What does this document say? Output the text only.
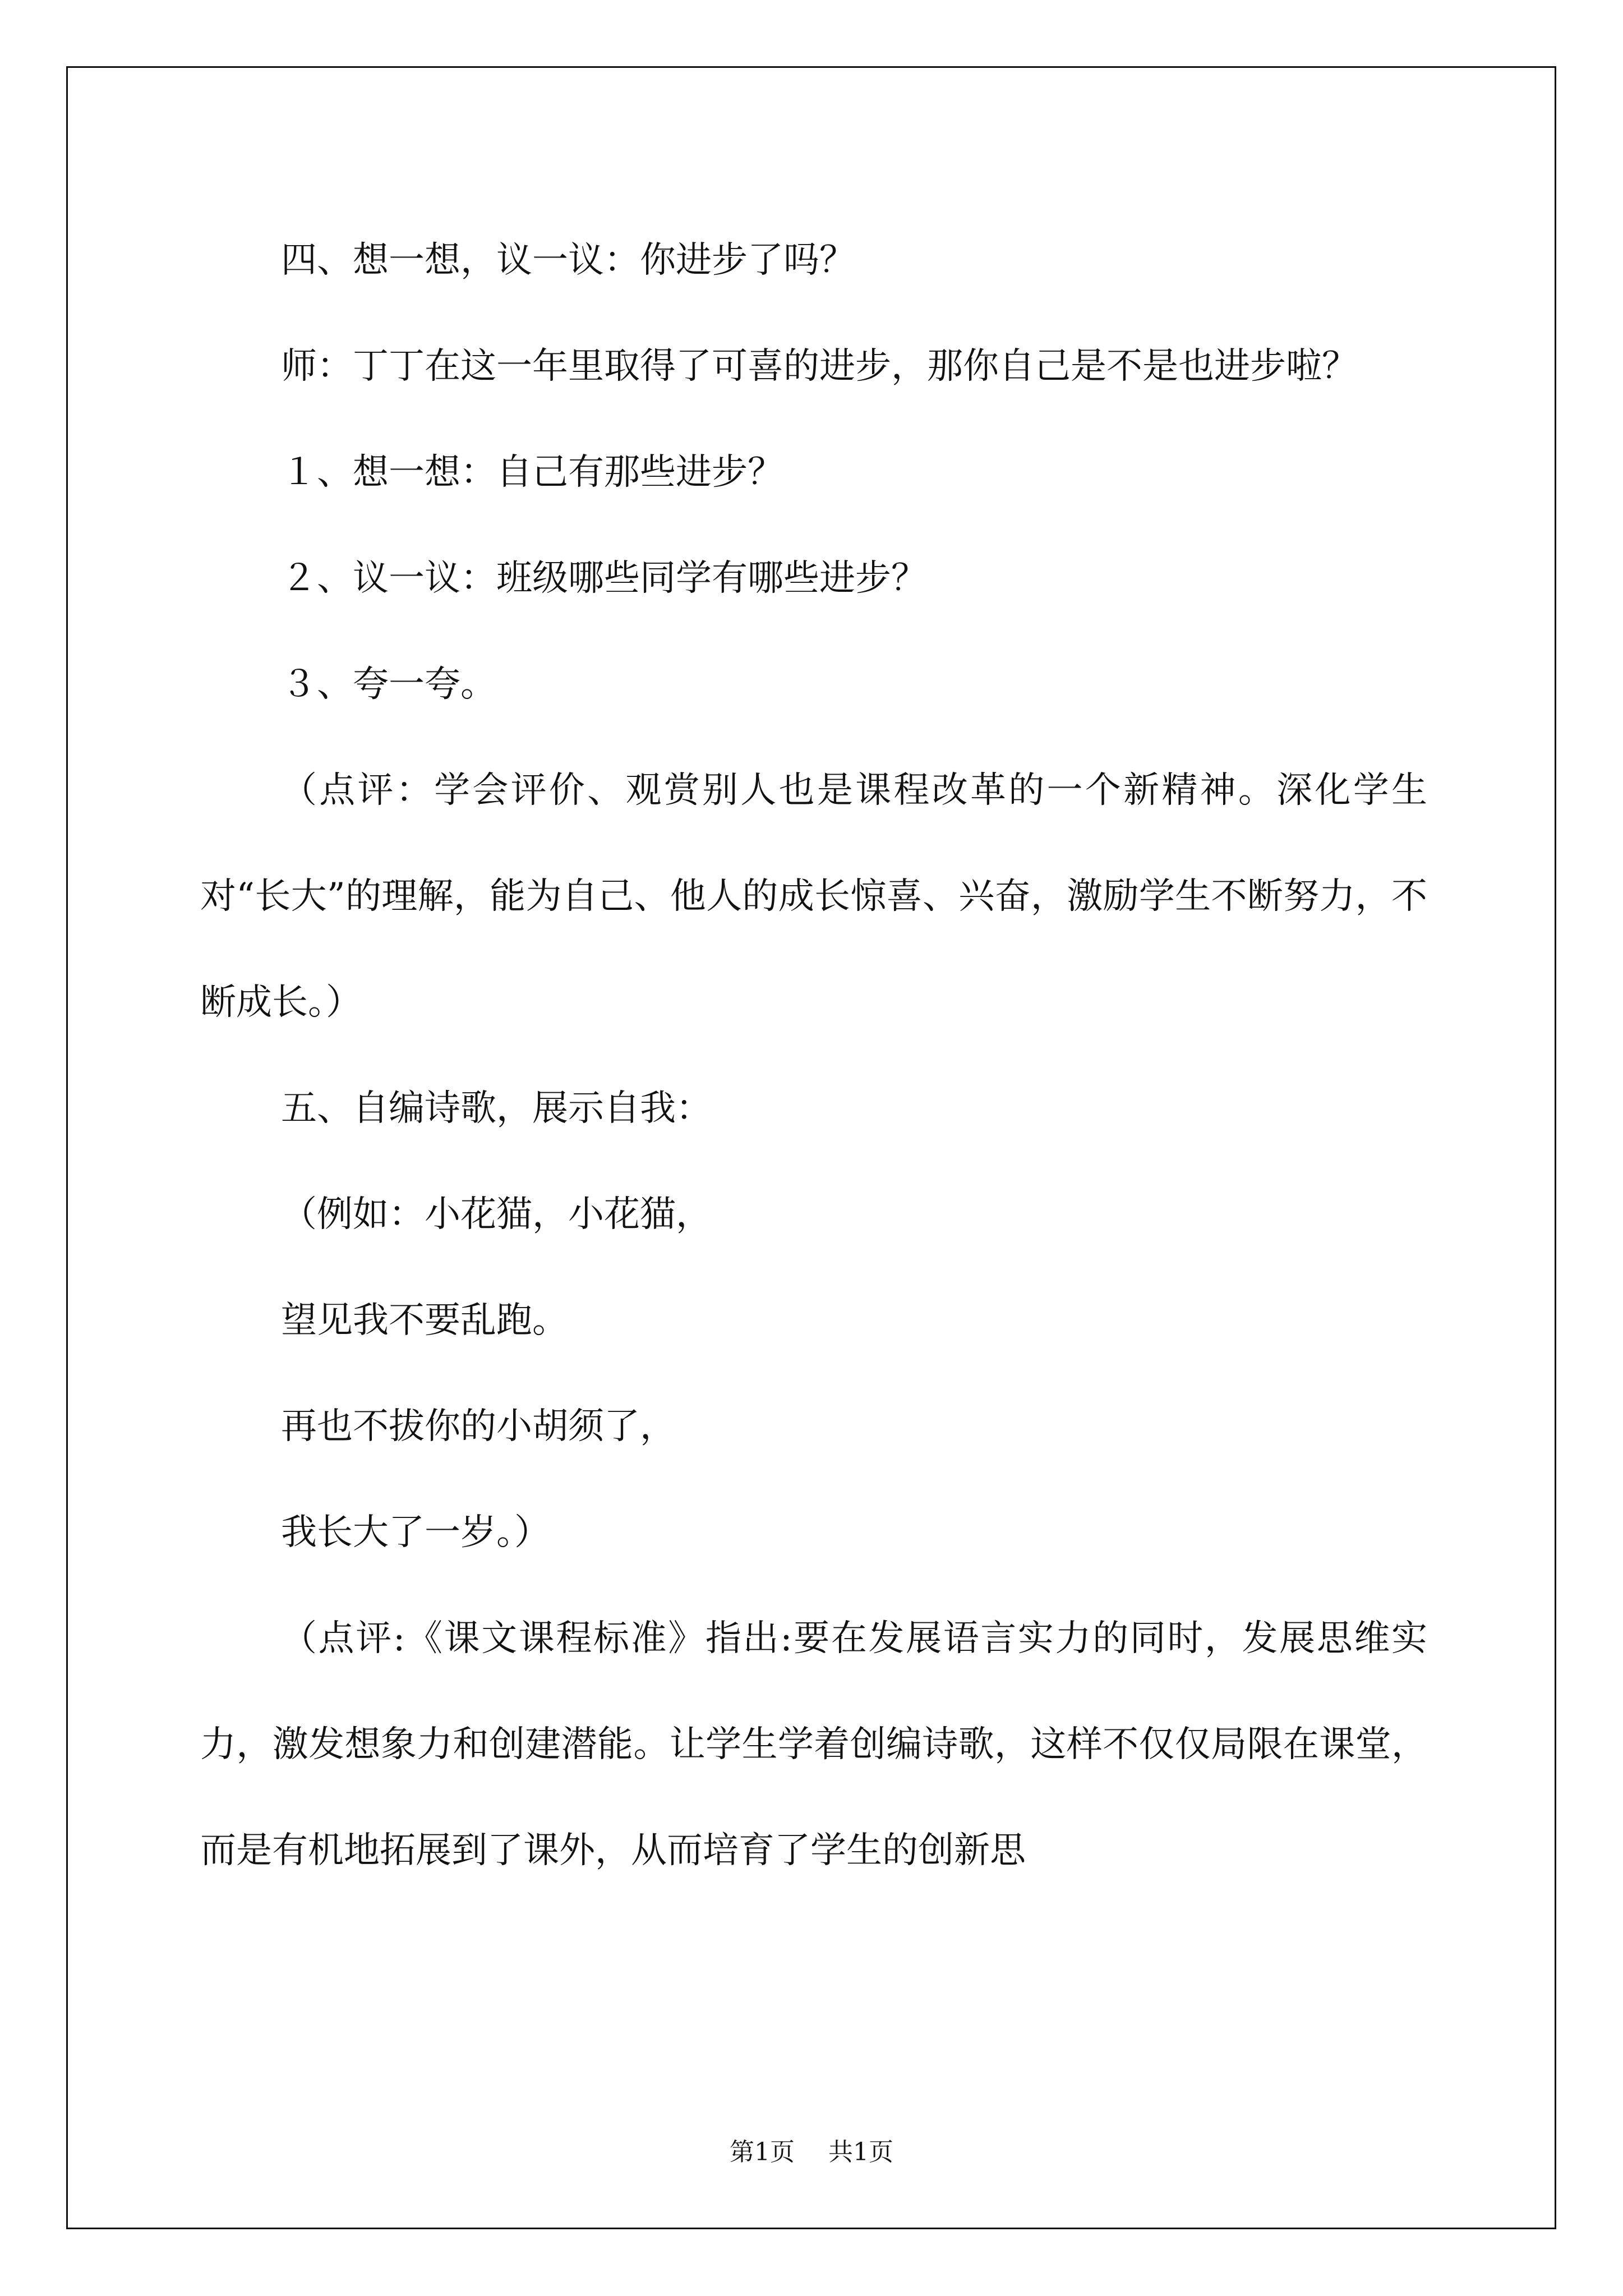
四、想一想，议一议：你进步了吗？

师：丁丁在这一年里取得了可喜的进步，那你自己是不是也进步啦？

１、想一想：自己有那些进步？

２、议一议：班级哪些同学有哪些进步？

３、夸一夸。

（点评：学会评价、观赏别人也是课程改革的一个新精神。深化学生对“长大”的理解，能为自己、他人的成长惊喜、兴奋，激励学生不断努力，不断成长。）

五、自编诗歌，展示自我：

（例如：小花猫，小花猫，

望见我不要乱跑。

再也不拔你的小胡须了，

我长大了一岁。）

（点评:《课文课程标准》指出:要在发展语言实力的同时，发展思维实力，激发想象力和创建潜能。让学生学着创编诗歌，这样不仅仅局限在课堂，而是有机地拓展到了课外，从而培育了学生的创新思

第1页 共1页
